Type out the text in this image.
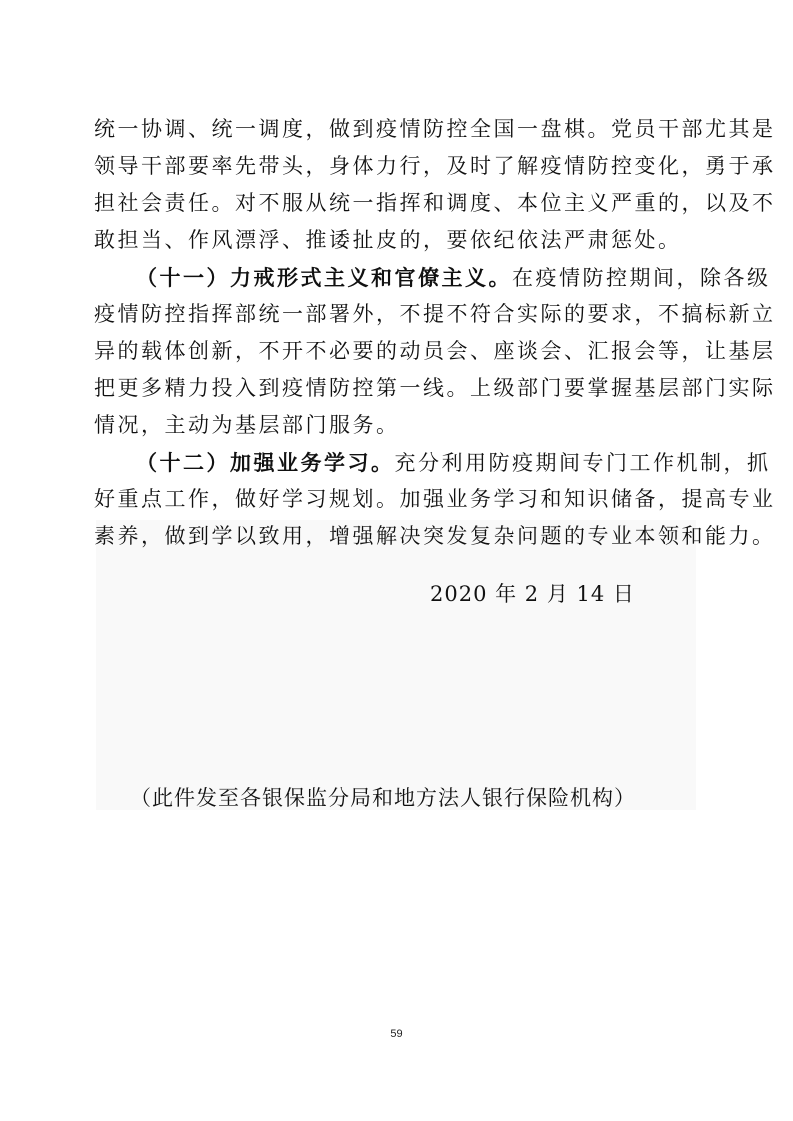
统一协调、统一调度，做到疫情防控全国一盘棋。党员干部尤其是
领导干部要率先带头，身体力行，及时了解疫情防控变化，勇于承
担社会责任。对不服从统一指挥和调度、本位主义严重的，以及不
敢担当、作风漂浮、推诿扯皮的，要依纪依法严肃惩处。
（十一）力戒形式主义和官僚主义。在疫情防控期间，除各级
疫情防控指挥部统一部署外，不提不符合实际的要求，不搞标新立
异的载体创新，不开不必要的动员会、座谈会、汇报会等，让基层
把更多精力投入到疫情防控第一线。上级部门要掌握基层部门实际
情况，主动为基层部门服务。
（十二）加强业务学习。充分利用防疫期间专门工作机制，抓
好重点工作，做好学习规划。加强业务学习和知识储备，提高专业
素养，做到学以致用，增强解决突发复杂问题的专业本领和能力。
2020 年 2 月 14 日
（此件发至各银保监分局和地方法人银行保险机构）
59
